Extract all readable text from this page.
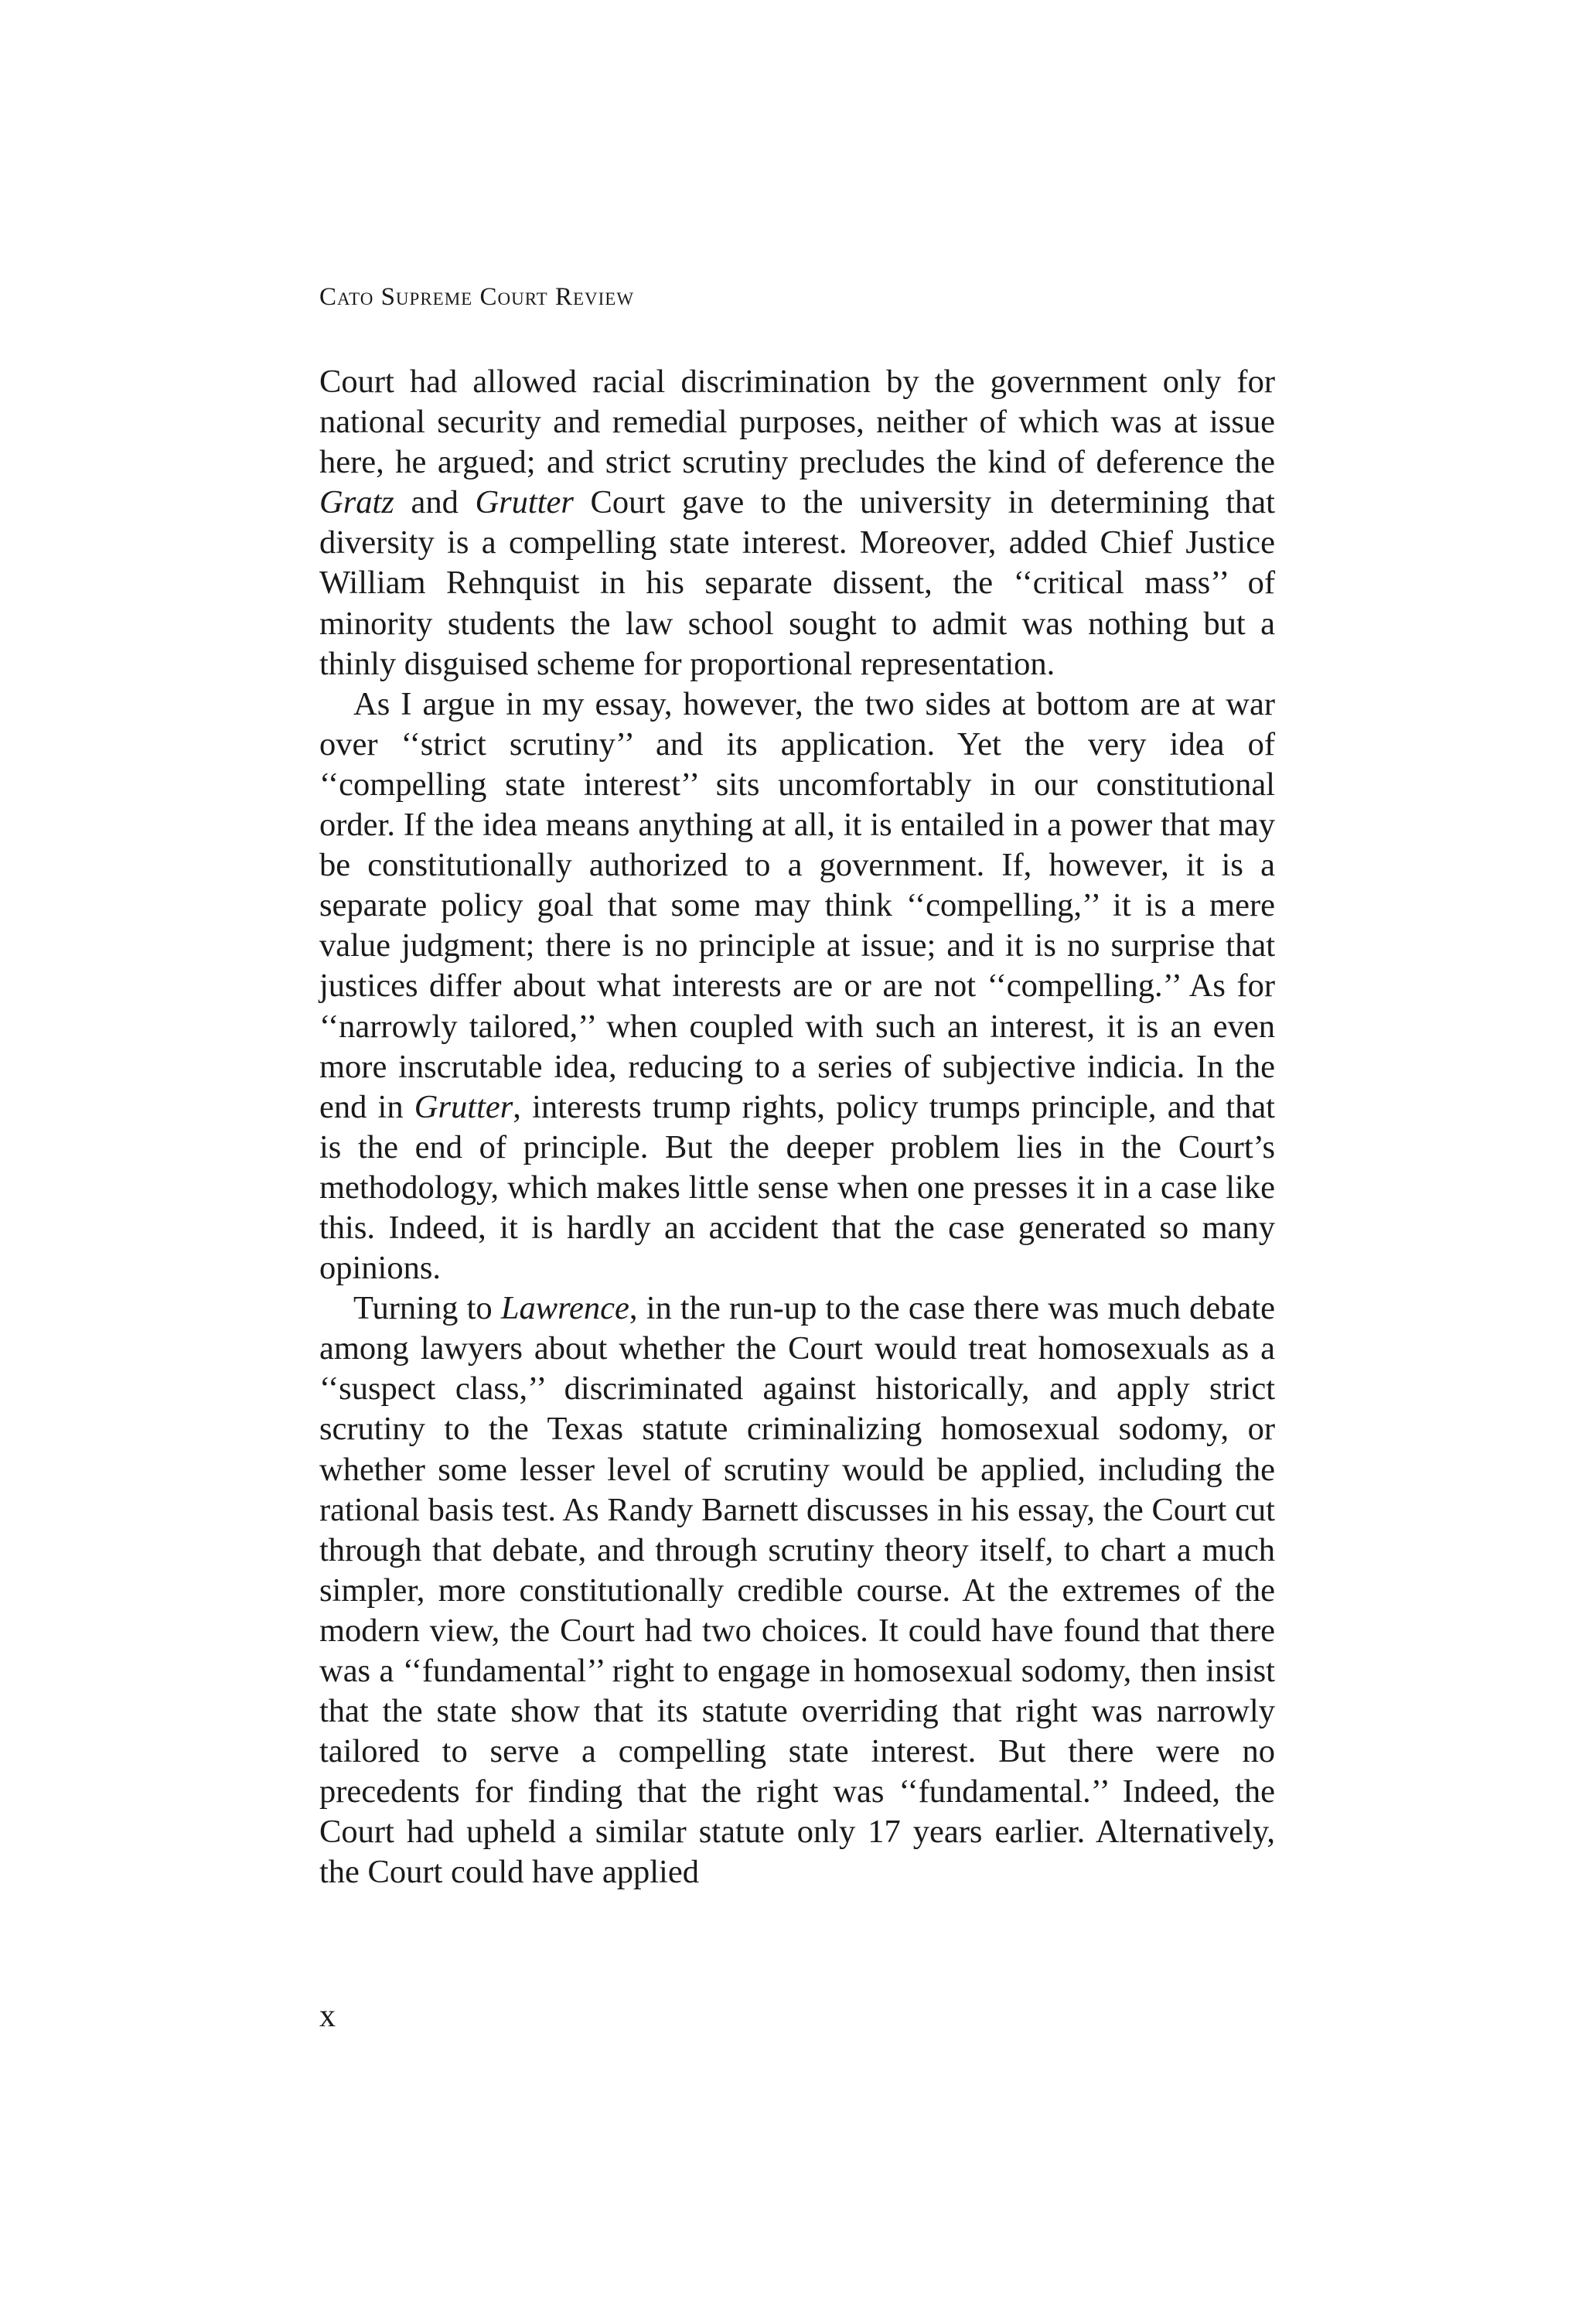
Cato Supreme Court Review

Court had allowed racial discrimination by the government only for national security and remedial purposes, neither of which was at issue here, he argued; and strict scrutiny precludes the kind of deference the Gratz and Grutter Court gave to the university in determining that diversity is a compelling state interest. Moreover, added Chief Justice William Rehnquist in his separate dissent, the ‘‘critical mass’’ of minority students the law school sought to admit was nothing but a thinly disguised scheme for proportional representation.

As I argue in my essay, however, the two sides at bottom are at war over ‘‘strict scrutiny’’ and its application. Yet the very idea of ‘‘compelling state interest’’ sits uncomfortably in our constitutional order. If the idea means anything at all, it is entailed in a power that may be constitutionally authorized to a government. If, however, it is a separate policy goal that some may think ‘‘compelling,’’ it is a mere value judgment; there is no principle at issue; and it is no surprise that justices differ about what interests are or are not ‘‘compelling.’’ As for ‘‘narrowly tailored,’’ when coupled with such an interest, it is an even more inscrutable idea, reducing to a series of subjective indicia. In the end in Grutter, interests trump rights, policy trumps principle, and that is the end of principle. But the deeper problem lies in the Court’s methodology, which makes little sense when one presses it in a case like this. Indeed, it is hardly an accident that the case generated so many opinions.

Turning to Lawrence, in the run-up to the case there was much debate among lawyers about whether the Court would treat homosexuals as a ‘‘suspect class,’’ discriminated against historically, and apply strict scrutiny to the Texas statute criminalizing homosexual sodomy, or whether some lesser level of scrutiny would be applied, including the rational basis test. As Randy Barnett discusses in his essay, the Court cut through that debate, and through scrutiny theory itself, to chart a much simpler, more constitutionally credible course. At the extremes of the modern view, the Court had two choices. It could have found that there was a ‘‘fundamental’’ right to engage in homosexual sodomy, then insist that the state show that its statute overriding that right was narrowly tailored to serve a compelling state interest. But there were no precedents for finding that the right was ‘‘fundamental.’’ Indeed, the Court had upheld a similar statute only 17 years earlier. Alternatively, the Court could have applied

x
